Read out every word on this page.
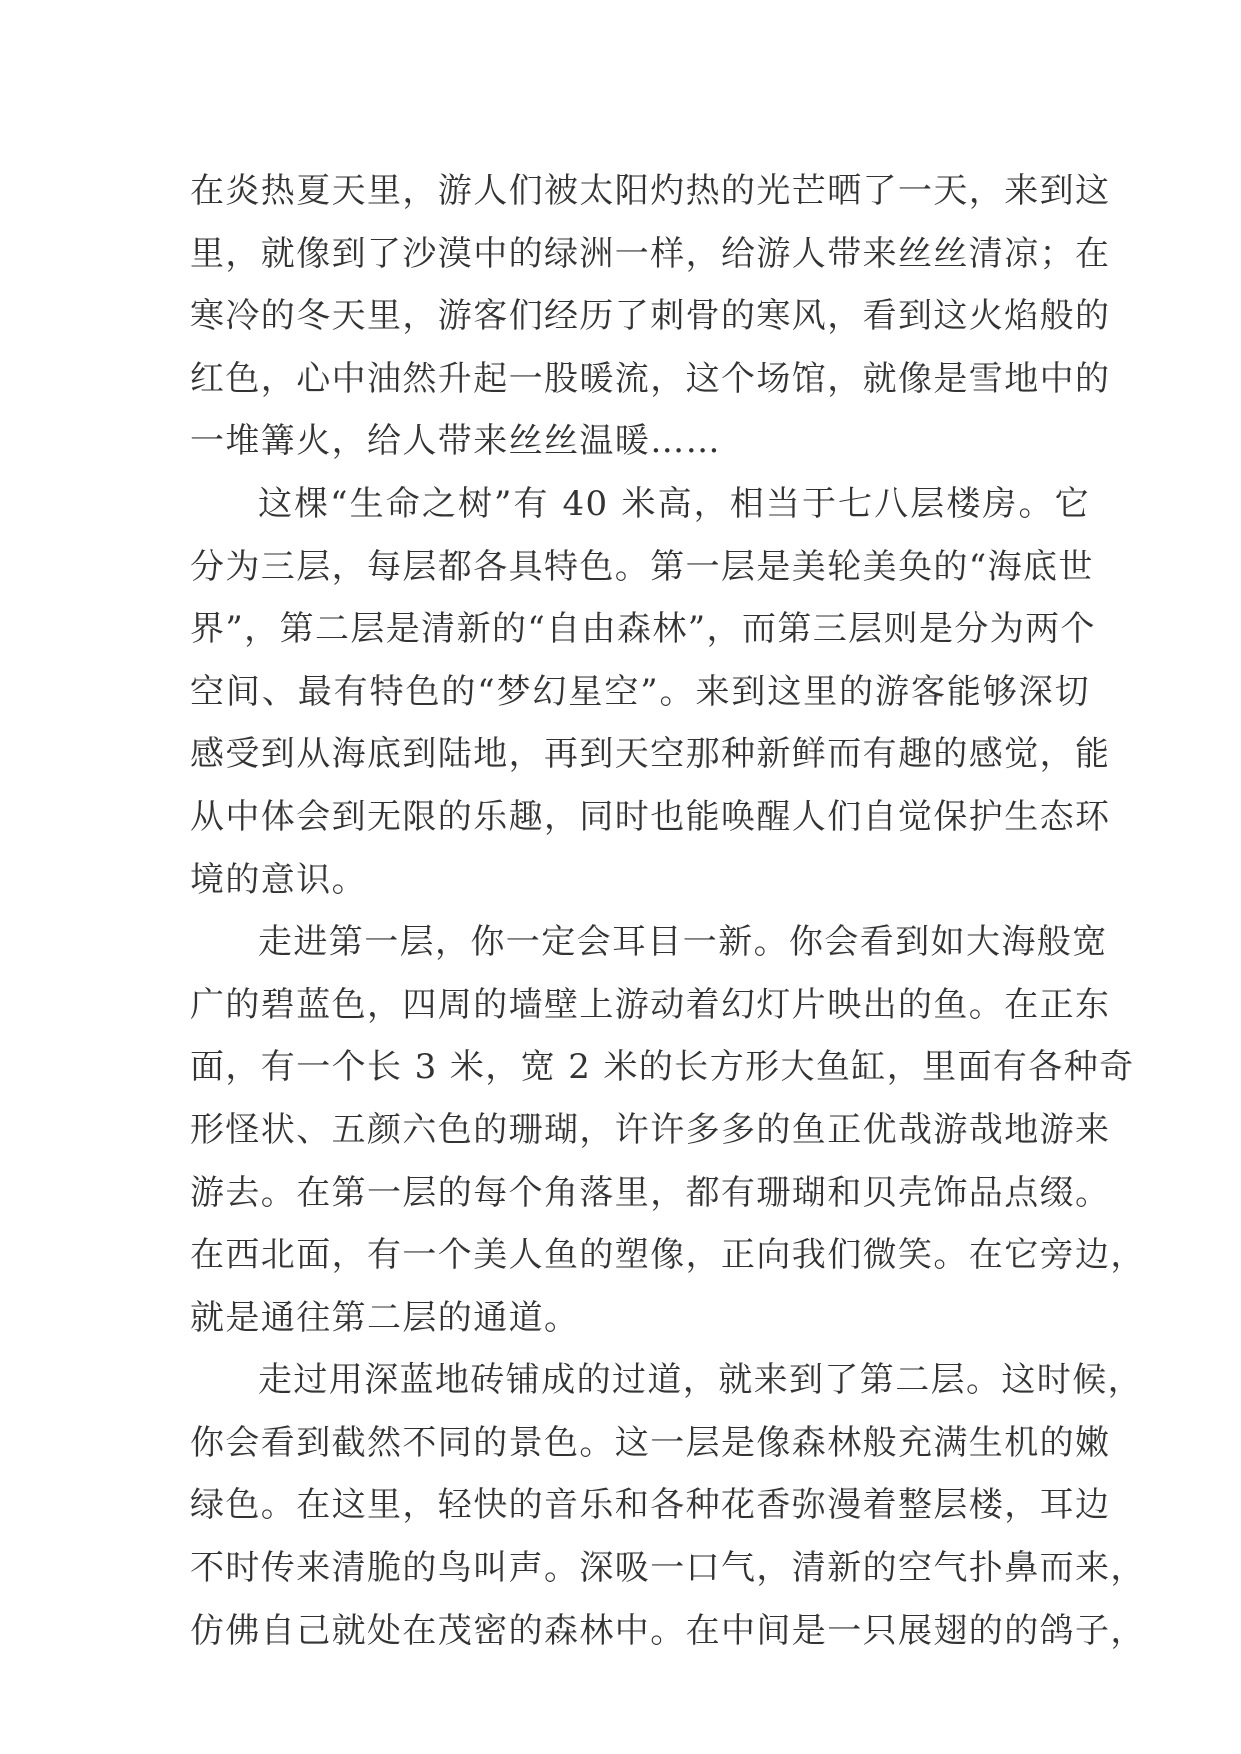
在炎热夏天里，游人们被太阳灼热的光芒晒了一天，来到这
里，就像到了沙漠中的绿洲一样，给游人带来丝丝清凉；在
寒冷的冬天里，游客们经历了刺骨的寒风，看到这火焰般的
红色，心中油然升起一股暖流，这个场馆，就像是雪地中的
一堆篝火，给人带来丝丝温暖……

这棵“生命之树”有 40 米高，相当于七八层楼房。它
分为三层，每层都各具特色。第一层是美轮美奂的“海底世
界”，第二层是清新的“自由森林”，而第三层则是分为两个
空间、最有特色的“梦幻星空”。来到这里的游客能够深切
感受到从海底到陆地，再到天空那种新鲜而有趣的感觉，能
从中体会到无限的乐趣，同时也能唤醒人们自觉保护生态环
境的意识。

走进第一层，你一定会耳目一新。你会看到如大海般宽
广的碧蓝色，四周的墙壁上游动着幻灯片映出的鱼。在正东
面，有一个长 3 米，宽 2 米的长方形大鱼缸，里面有各种奇
形怪状、五颜六色的珊瑚，许许多多的鱼正优哉游哉地游来
游去。在第一层的每个角落里，都有珊瑚和贝壳饰品点缀。
在西北面，有一个美人鱼的塑像，正向我们微笑。在它旁边，
就是通往第二层的通道。

走过用深蓝地砖铺成的过道，就来到了第二层。这时候，
你会看到截然不同的景色。这一层是像森林般充满生机的嫩
绿色。在这里，轻快的音乐和各种花香弥漫着整层楼，耳边
不时传来清脆的鸟叫声。深吸一口气，清新的空气扑鼻而来，
仿佛自己就处在茂密的森林中。在中间是一只展翅的的鸽子，
